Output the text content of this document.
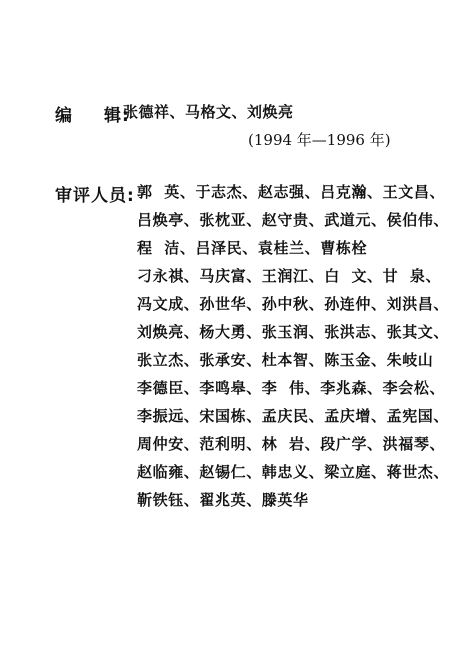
编 辑:
张德祥、马格文、刘焕亮
(1994 年—1996 年)
审评人员: 郭  英、于志杰、赵志强、吕克瀚、王文昌、
吕焕亭、张枕亚、赵守贵、武道元、侯伯伟、
程  洁、吕泽民、袁桂兰、曹栋栓
刁永祺、马庆富、王润江、白  文、甘  泉、
冯文成、孙世华、孙中秋、孙连仲、刘洪昌、
刘焕亮、杨大勇、张玉润、张洪志、张其文、
张立杰、张承安、杜本智、陈玉金、朱岐山
李德臣、李鸣皋、李  伟、李兆森、李会松、
李振远、宋国栋、孟庆民、孟庆增、孟宪国、
周仲安、范利明、林  岩、段广学、洪福琴、
赵临雍、赵锡仁、韩忠义、梁立庭、蒋世杰、
靳铁钰、翟兆英、滕英华
